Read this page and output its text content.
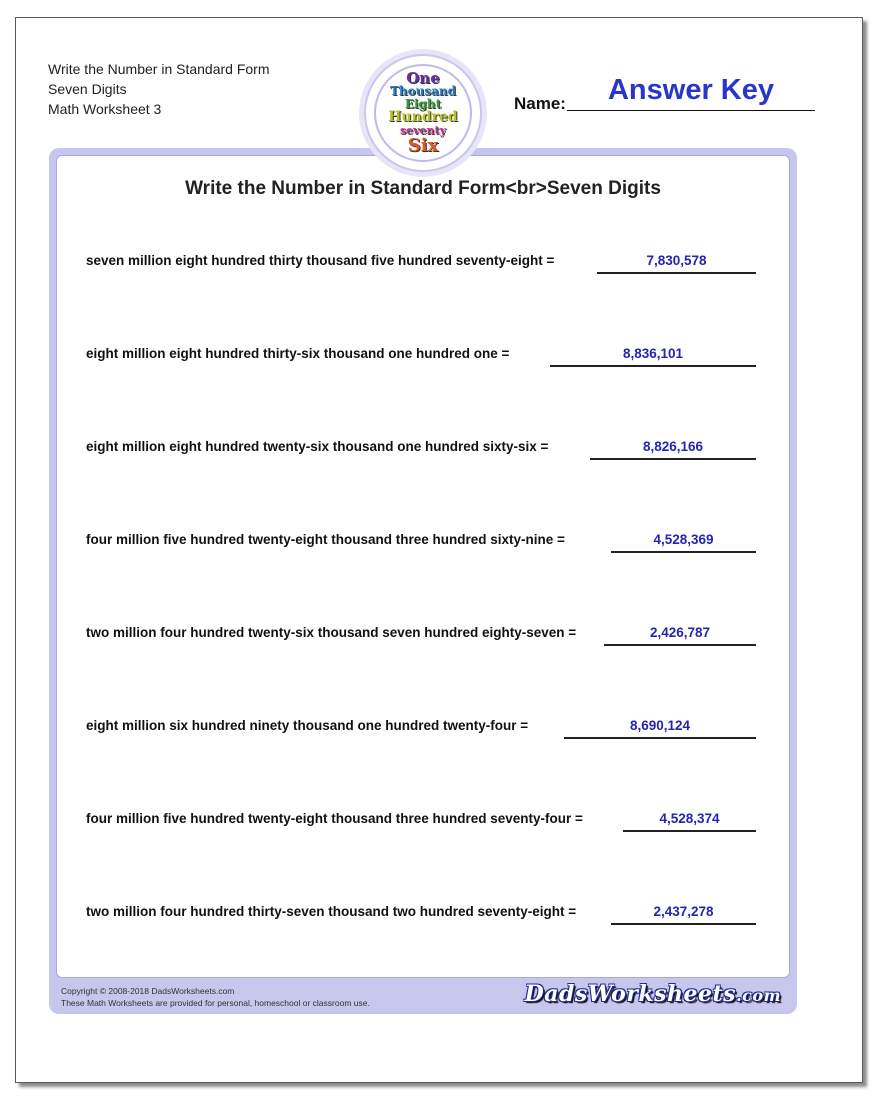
Write the Number in Standard Form
Seven Digits
Math Worksheet 3
One
Thousand
Eight
Hundred
seventy
Six
Name:	Answer Key
Write the Number in Standard Form<br>Seven Digits
seven million eight hundred thirty thousand five hundred seventy-eight =	7,830,578
eight million eight hundred thirty-six thousand one hundred one =	8,836,101
eight million eight hundred twenty-six thousand one hundred sixty-six =	8,826,166
four million five hundred twenty-eight thousand three hundred sixty-nine =	4,528,369
two million four hundred twenty-six thousand seven hundred eighty-seven =	2,426,787
eight million six hundred ninety thousand one hundred twenty-four =	8,690,124
four million five hundred twenty-eight thousand three hundred seventy-four =	4,528,374
two million four hundred thirty-seven thousand two hundred seventy-eight =	2,437,278
Copyright © 2008-2018 DadsWorksheets.com
These Math Worksheets are provided for personal, homeschool or classroom use.	DadsWorksheets.com
